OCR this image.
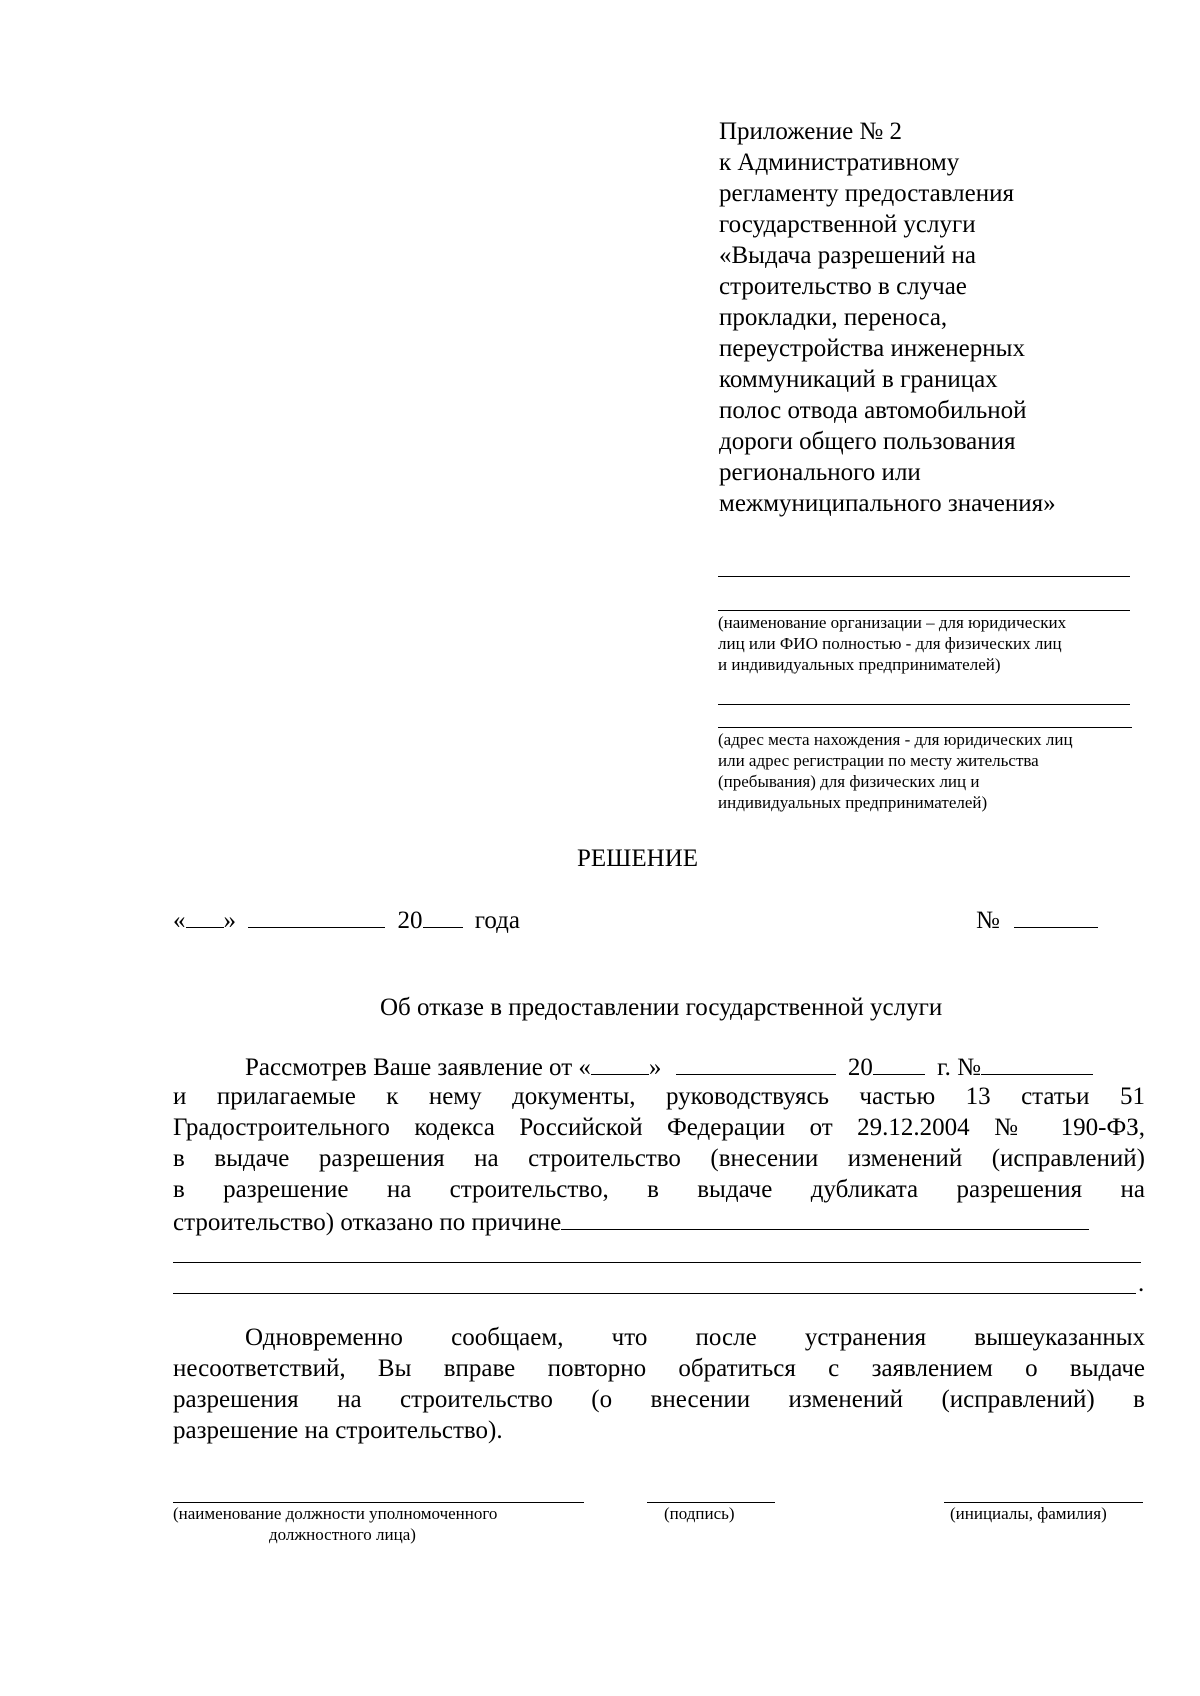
Приложение № 2
к Административному
регламенту предоставления
государственной услуги
«Выдача разрешений на
строительство в случае
прокладки, переноса,
переустройства инженерных
коммуникаций в границах
полос отвода автомобильной
дороги общего пользования
регионального или
межмуниципального значения»
(наименование организации – для юридических
лиц или ФИО полностью - для физических лиц
и индивидуальных предпринимателей)
(адрес места нахождения - для юридических лиц
или адрес регистрации по месту жительства
(пребывания) для физических лиц и
индивидуальных предпринимателей)
РЕШЕНИЕ
« »	20 года	№
Об отказе в предоставлении государственной услуги
Рассмотрев Ваше заявление от « »	20	г. №
и прилагаемые к нему документы, руководствуясь частью 13 статьи 51
Градостроительного кодекса Российской Федерации от 29.12.2004 № 190-ФЗ,
в выдаче разрешения на строительство (внесении изменений (исправлений)
в разрешение на строительство, в выдаче дубликата разрешения на
строительство) отказано по причине
.
Одновременно сообщаем, что после устранения вышеуказанных
несоответствий, Вы вправе повторно обратиться с заявлением о выдаче
разрешения на строительство (о внесении изменений (исправлений) в
разрешение на строительство).
(наименование должности уполномоченного
должностного лица)
(подпись)	(инициалы, фамилия)
